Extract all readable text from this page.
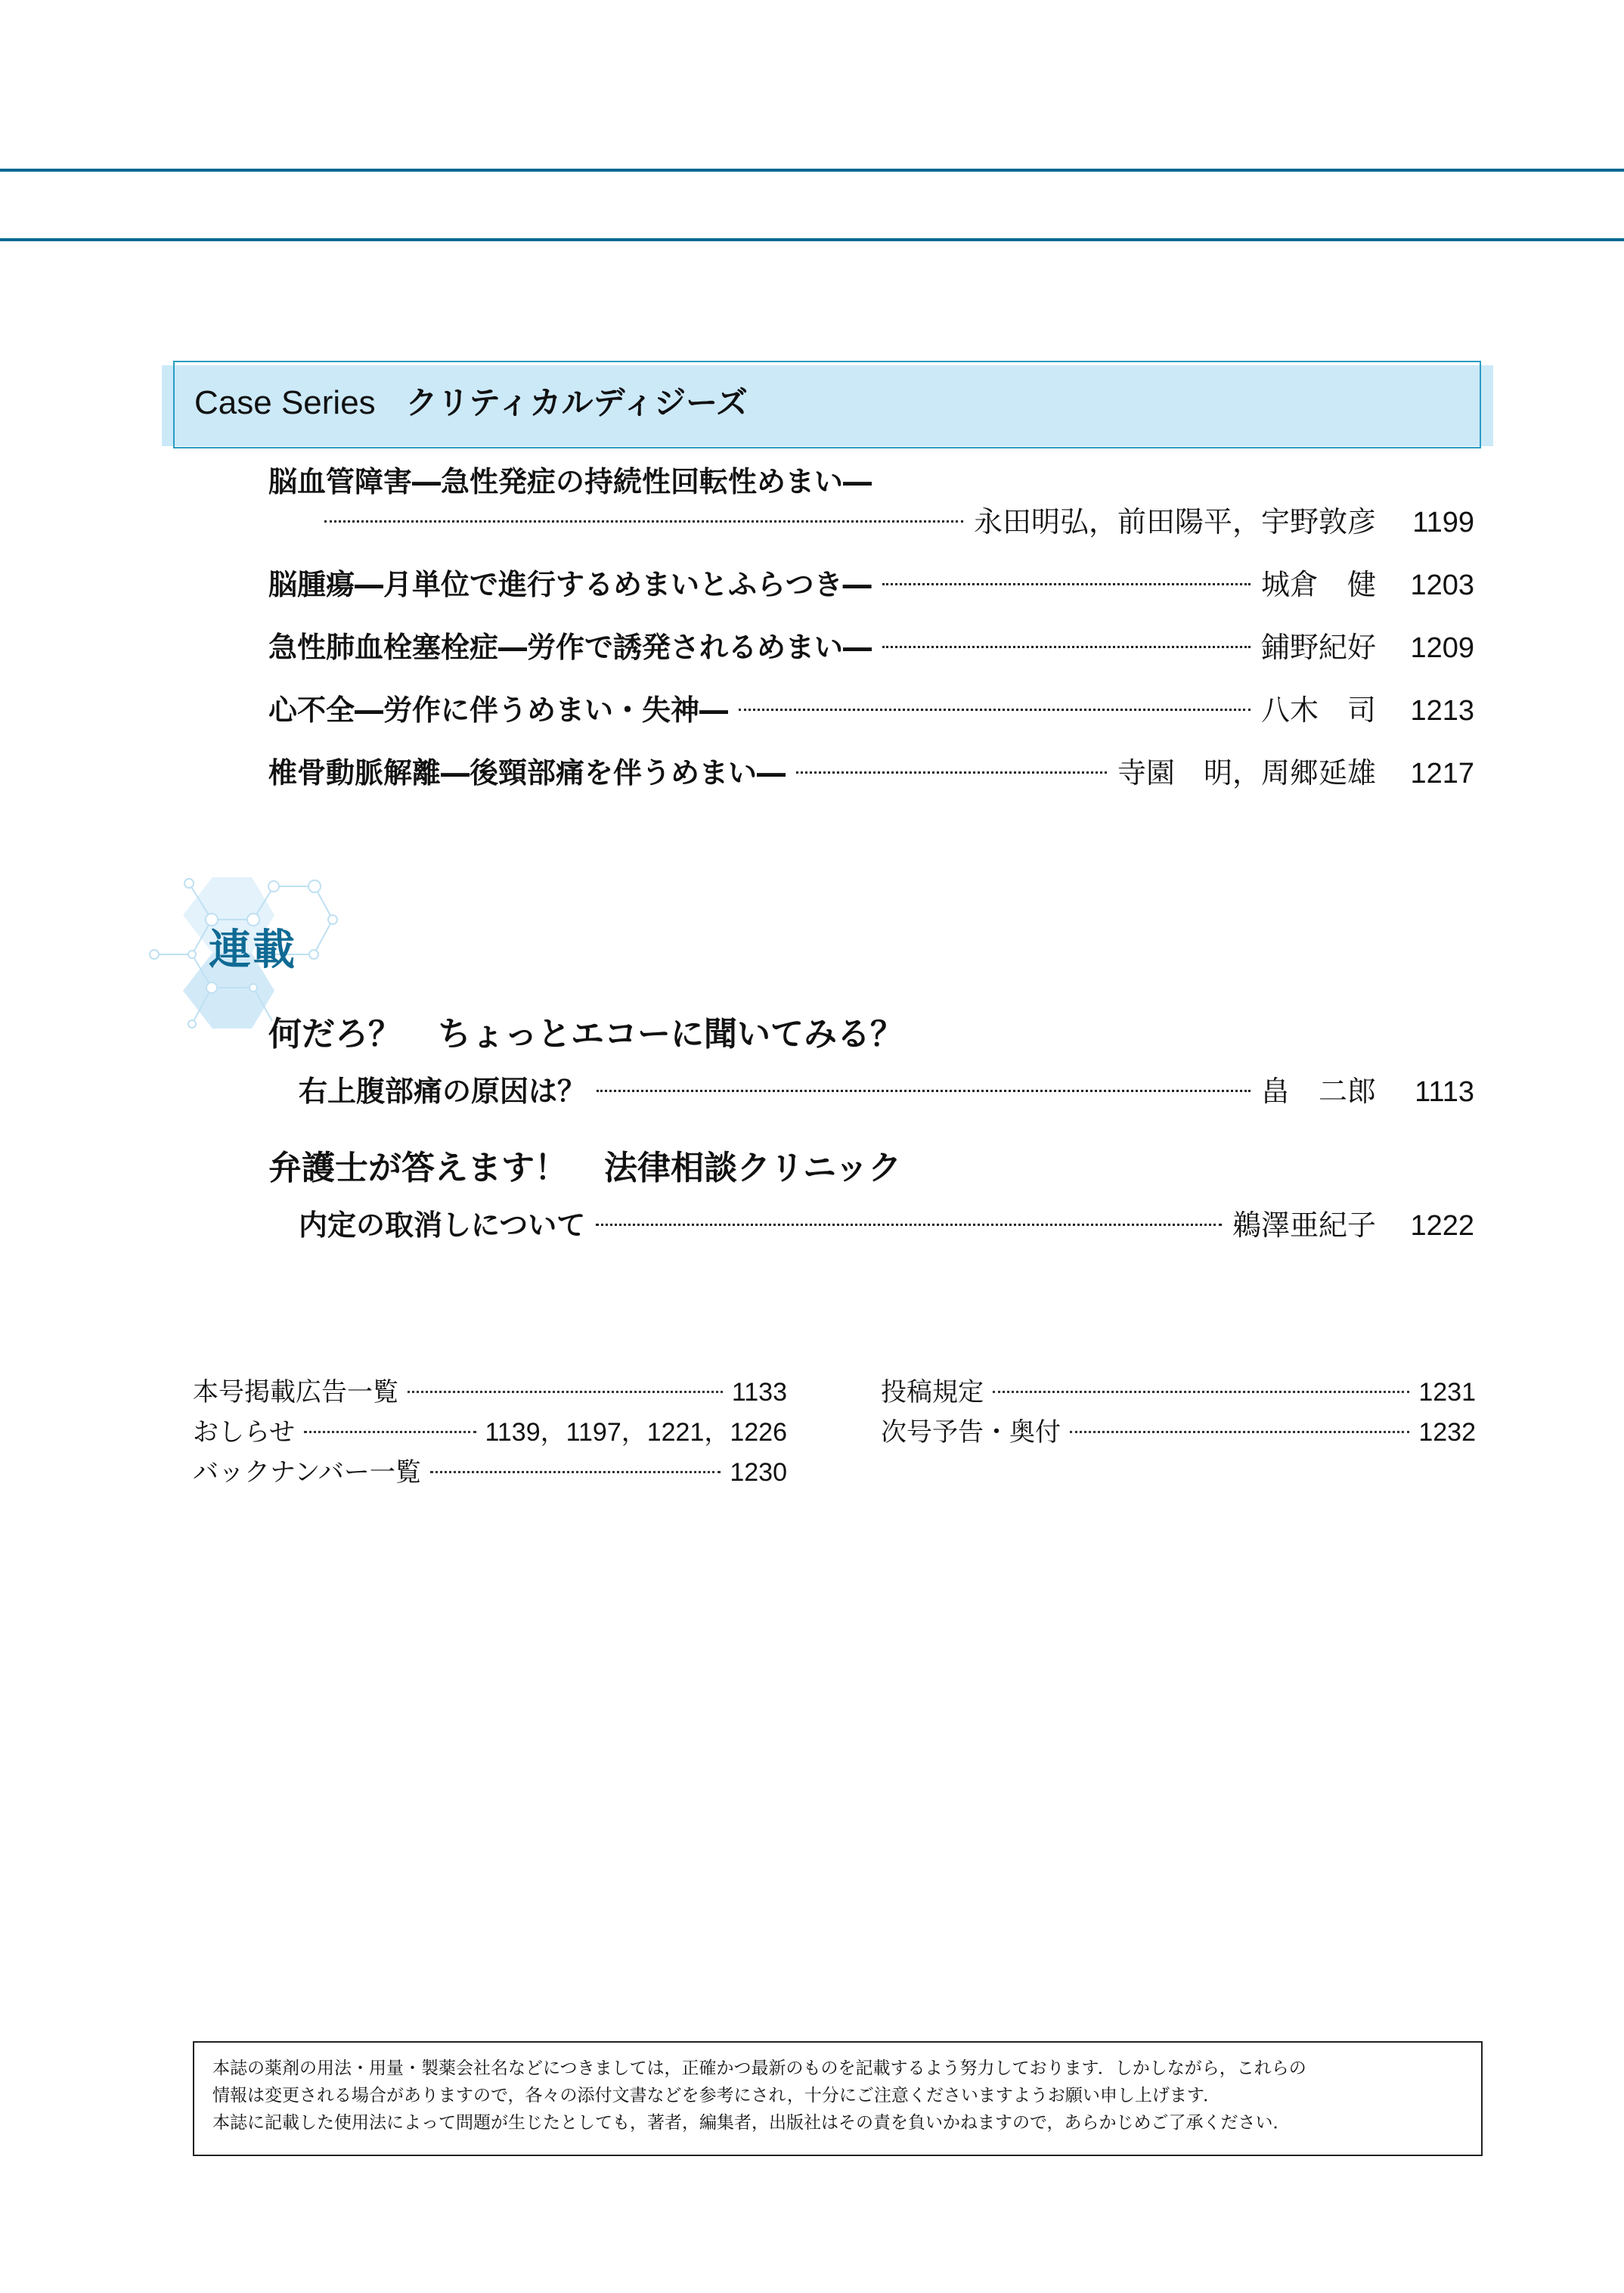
Case Series クリティカルディジーズ
脳血管障害―急性発症の持続性回転性めまい―
永田明弘，前田陽平，宇野敦彦 1199
脳腫瘍―月単位で進行するめまいとふらつき―	城倉　健 1203
急性肺血栓塞栓症―労作で誘発されるめまい―	鋪野紀好 1209
心不全―労作に伴うめまい・失神―	八木　司 1213
椎骨動脈解離―後頸部痛を伴うめまい―	寺園　明，周郷延雄 1217
連載
何だろ？ ちょっとエコーに聞いてみる？
右上腹部痛の原因は？	畠　二郎 1113
弁護士が答えます！ 法律相談クリニック
内定の取消しについて	鵜澤亜紀子 1222
本号掲載広告一覧	1133
おしらせ	1139，1197，1221，1226
バックナンバー一覧	1230
投稿規定	1231
次号予告・奥付	1232

本誌の薬剤の用法・用量・製薬会社名などにつきましては，正確かつ最新のものを記載するよう努力しております．しかしながら，これらの

情報は変更される場合がありますので，各々の添付文書などを参考にされ，十分にご注意くださいますようお願い申し上げます．

本誌に記載した使用法によって問題が生じたとしても，著者，編集者，出版社はその責を負いかねますので，あらかじめご了承ください．
